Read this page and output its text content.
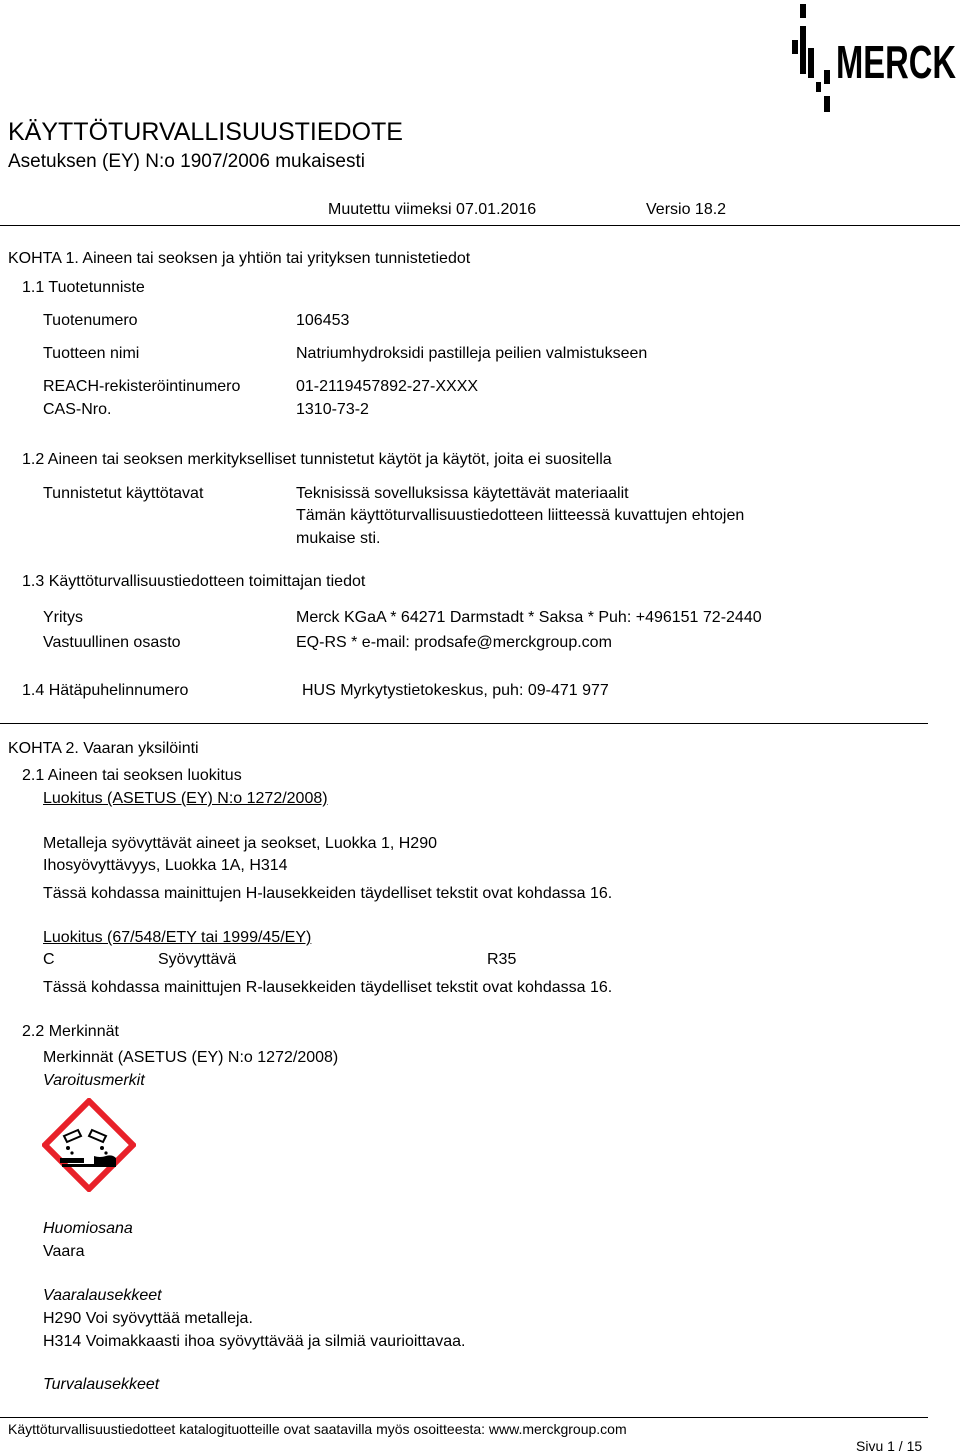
MERCK
KÄYTTÖTURVALLISUUSTIEDOTE
Asetuksen (EY) N:o 1907/2006 mukaisesti
Muutettu viimeksi 07.01.2016	Versio 18.2
KOHTA 1. Aineen tai seoksen ja yhtiön tai yrityksen tunnistetiedot
1.1 Tuotetunniste
Tuotenumero	106453
Tuotteen nimi	Natriumhydroksidi pastilleja peilien valmistukseen
REACH-rekisteröintinumero	01-2119457892-27-XXXX
CAS-Nro.	1310-73-2
1.2 Aineen tai seoksen merkitykselliset tunnistetut käytöt ja käytöt, joita ei suositella
Tunnistetut käyttötavat	Teknisissä sovelluksissa käytettävät materiaalit
Tämän käyttöturvallisuustiedotteen liitteessä kuvattujen ehtojen
mukaise sti.
1.3 Käyttöturvallisuustiedotteen toimittajan tiedot
Yritys	Merck KGaA * 64271 Darmstadt * Saksa * Puh: +496151 72-2440
Vastuullinen osasto	EQ-RS * e-mail: prodsafe@merckgroup.com
1.4 Hätäpuhelinnumero	HUS Myrkytystietokeskus, puh: 09-471 977
KOHTA 2. Vaaran yksilöinti
2.1 Aineen tai seoksen luokitus
Luokitus (ASETUS (EY) N:o 1272/2008)
Metalleja syövyttävät aineet ja seokset, Luokka 1, H290
Ihosyövyttävyys, Luokka 1A, H314
Tässä kohdassa mainittujen H-lausekkeiden täydelliset tekstit ovat kohdassa 16.
Luokitus (67/548/ETY tai 1999/45/EY)
C	Syövyttävä	R35
Tässä kohdassa mainittujen R-lausekkeiden täydelliset tekstit ovat kohdassa 16.
2.2 Merkinnät
Merkinnät (ASETUS (EY) N:o 1272/2008)
Varoitusmerkit
Huomiosana
Vaara
Vaaralausekkeet
H290 Voi syövyttää metalleja.
H314 Voimakkaasti ihoa syövyttävää ja silmiä vaurioittavaa.
Turvalausekkeet
Käyttöturvallisuustiedotteet katalogituotteille ovat saatavilla myös osoitteesta: www.merckgroup.com
Sivu 1 / 15
